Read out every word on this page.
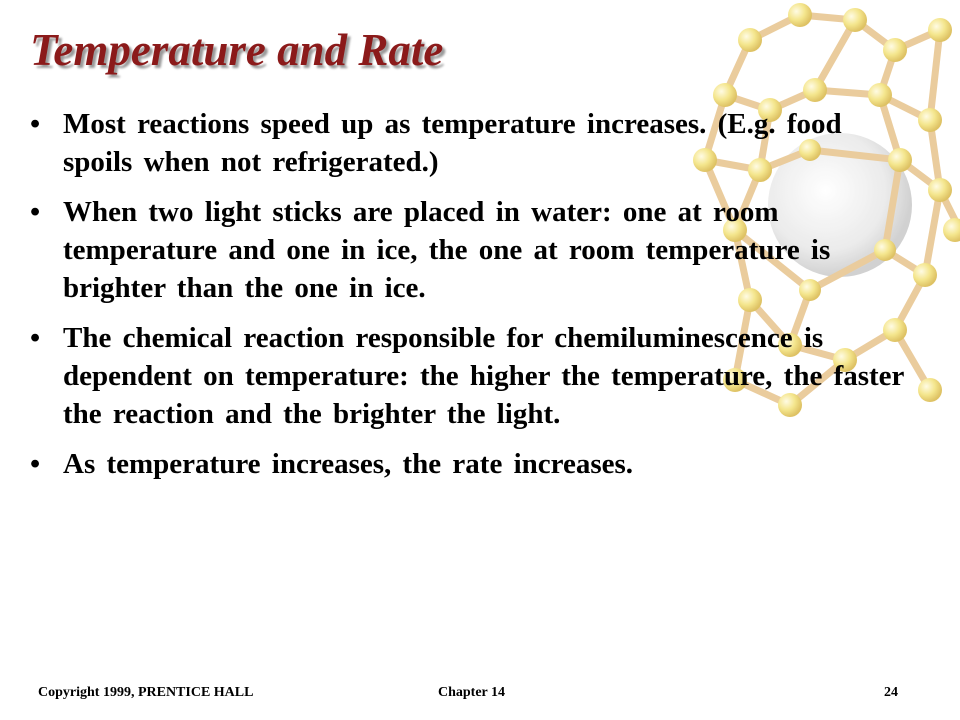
Temperature and Rate
• Most reactions speed up as temperature increases. (E.g. food spoils when not refrigerated.)
• When two light sticks are placed in water: one at room temperature and one in ice, the one at room temperature is brighter than the one in ice.
• The chemical reaction responsible for chemiluminescence is dependent on temperature: the higher the temperature, the faster the reaction and the brighter the light.
• As temperature increases, the rate increases.
Copyright 1999, PRENTICE HALL	Chapter 14	24
